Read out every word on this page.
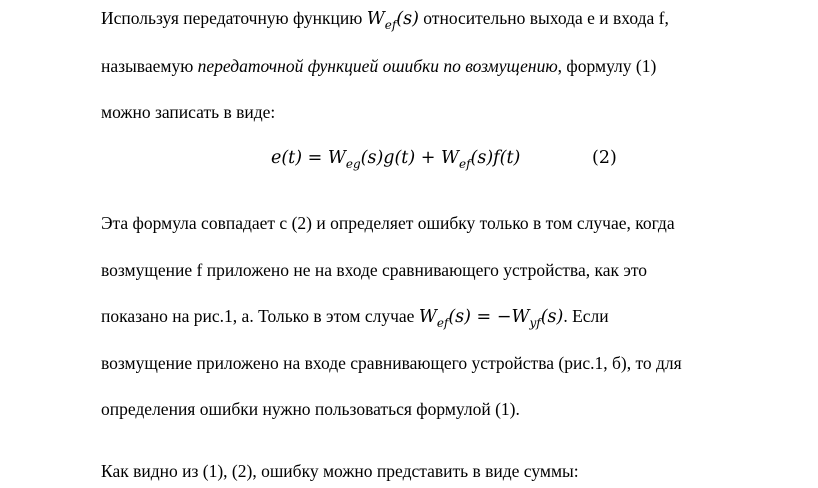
Используя передаточную функцию $W_{ef}(s)$ относительно выхода e и входа f,
называемую передаточной функцией ошибки по возмущению, формулу (1)
можно записать в виде:
$e(t) = W_{eg}(s)g(t) + W_{ef}(s)f(t)$	(2)
Эта формула совпадает с (2) и определяет ошибку только в том случае, когда
возмущение f приложено не на входе сравнивающего устройства, как это
показано на рис.1, а. Только в этом случае $W_{ef}(s) = -W_{yf}(s)$. Если
возмущение приложено на входе сравнивающего устройства (рис.1, б), то для
определения ошибки нужно пользоваться формулой (1).
Как видно из (1), (2), ошибку можно представить в виде суммы:
